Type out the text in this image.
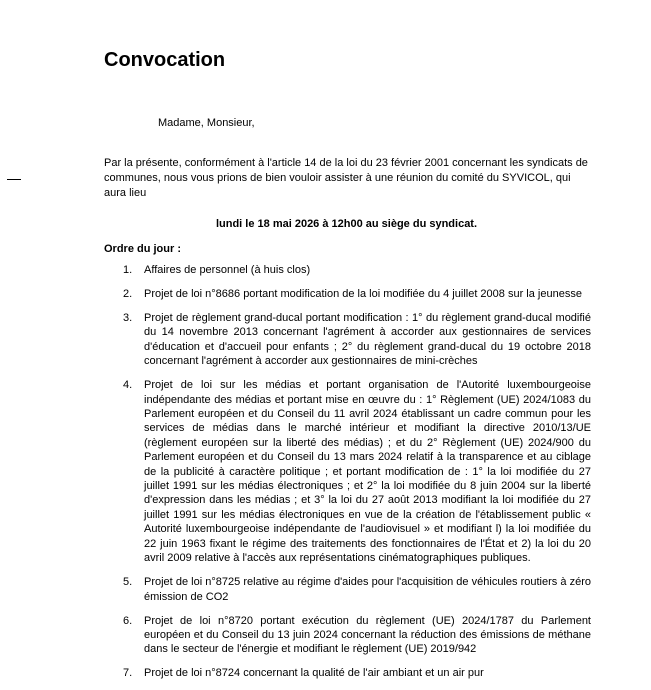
Convocation
Madame, Monsieur,

Par la présente, conformément à l'article 14 de la loi du 23 février 2001 concernant les syndicats de communes, nous vous prions de bien vouloir assister à une réunion du comité du SYVICOL, qui aura lieu

lundi le 18 mai 2026 à 12h00 au siège du syndicat.
Ordre du jour :
1.	Affaires de personnel (à huis clos)
2.	Projet de loi n°8686 portant modification de la loi modifiée du 4 juillet 2008 sur la jeunesse
3.	Projet de règlement grand-ducal portant modification : 1° du règlement grand-ducal modifié du 14 novembre 2013 concernant l'agrément à accorder aux gestionnaires de services d'éducation et d'accueil pour enfants ; 2° du règlement grand-ducal du 19 octobre 2018 concernant l'agrément à accorder aux gestionnaires de mini-crèches
4.	Projet de loi sur les médias et portant organisation de l'Autorité luxembourgeoise indépendante des médias et portant mise en œuvre du : 1° Règlement (UE) 2024/1083 du Parlement européen et du Conseil du 11 avril 2024 établissant un cadre commun pour les services de médias dans le marché intérieur et modifiant la directive 2010/13/UE (règlement européen sur la liberté des médias) ; et du 2° Règlement (UE) 2024/900 du Parlement européen et du Conseil du 13 mars 2024 relatif à la transparence et au ciblage de la publicité à caractère politique ; et portant modification de : 1° la loi modifiée du 27 juillet 1991 sur les médias électroniques ; et 2° la loi modifiée du 8 juin 2004 sur la liberté d'expression dans les médias ; et 3° la loi du 27 août 2013 modifiant la loi modifiée du 27 juillet 1991 sur les médias électroniques en vue de la création de l'établissement public « Autorité luxembourgeoise indépendante de l'audiovisuel » et modifiant l) la loi modifiée du 22 juin 1963 fixant le régime des traitements des fonctionnaires de l'État et 2) la loi du 20 avril 2009 relative à l'accès aux représentations cinématographiques publiques.
5.	Projet de loi n°8725 relative au régime d'aides pour l'acquisition de véhicules routiers à zéro émission de CO2
6.	Projet de loi n°8720 portant exécution du règlement (UE) 2024/1787 du Parlement européen et du Conseil du 13 juin 2024 concernant la réduction des émissions de méthane dans le secteur de l'énergie et modifiant le règlement (UE) 2019/942
7.	Projet de loi n°8724 concernant la qualité de l'air ambiant et un air pur
